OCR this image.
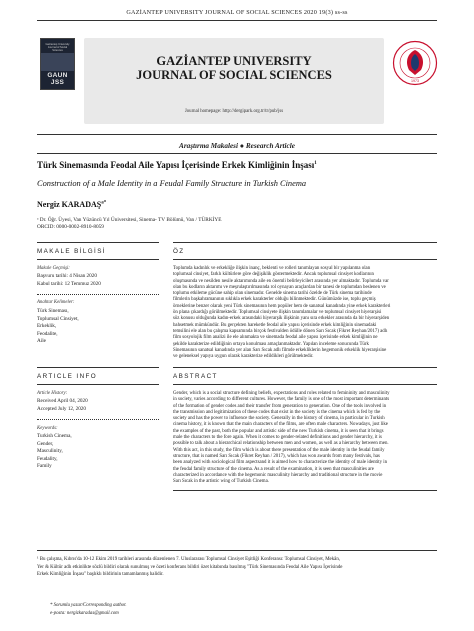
GAZİANTEP UNIVERSITY JOURNAL OF SOCIAL SCIENCES 2020 19(3) ss-ss
Gaziantep University Journal of Social Sciences
GAUN JSS
GAZİANTEP UNIVERSITY
JOURNAL OF SOCIAL SCIENCES
Journal homepage: http://dergipark.org.tr/tr/pub/jss
1973
Araştırma Makalesi ● Research Article
Türk Sinemasında Feodal Aile Yapısı İçerisinde Erkek Kimliğinin İnşası$^1$
Construction of a Male Identity in a Feudal Family Structure in Turkish Cinema
Nergiz $KARADAŞ^{a*}$
ᵃ Dr. Öğr. Üyesi, Van Yüzüncü Yıl Üniversitesi, Sinema- TV Bölümü, Van / TÜRKİYE
ORCID: 0000-0002-8910-8059
MAKALE BİLGİSİ	ÖZ
Makale Geçmişi:
Başvuru tarihi: 4 Nisan 2020
Kabul tarihi: 12 Temmuz 2020
Anahtar Kelimeler:
Türk Sineması,
Toplumsal Cinsiyet,
Erkeklik,
Feodalite,
Aile
Toplumda kadınlık ve erkekliğe ilişkin inanç, beklenti ve rolleri tanımlayan sosyal bir yapılanma olan
toplumsal cinsiyet, farklı kültürlere göre değişiklik göstermektedir. Ancak toplumsal cinsiyet kodlarının
oluşmasında ve nesilden nesile aktarımında aile en önemli belirleyicilert arasında yer almaktadır. Toplumda var
olan bu kodların aktarımı ve meşrulaştırılmasında rol oynayan araçlardan bir tanesi de toplumdan beslenen ve
toplumu etkileme gücüne sahip olan sinemadır. Genelde sinema tarihi özelde de Türk sinema tarihinde
filmlerin başkahramanının sıklıkla erkek karakterler olduğu bilinmektedir. Günümüzde ise, toplu geçmiş
örneklerine benzer olarak yeni Türk sinemasının hem popüler hem de sanatsal kanadında yine erkek karakterleri
ön plana çıkardığı görülmektedir. Toplumsal cinsiyete ilişkin tanımlamalar ve toplumsal cinsiyet hiyerarşisi
söz konusu olduğunda kadın-erkek arasındaki hiyerarşik ilişkinin yanı sıra erkekler arasında da bir hiyerarşiden
bahsetmek mümkündür. Bu gerçekten hareketle feodal aile yapısı içerisinde erkek kimliğinin sinemadaki
temsilini ele alan bu çalışma kapsamında birçok festivalden ödülle dönen Sarı Sıcak (Fikret Reyhan/2017) adlı
film sosyolojik film analizi ile ele alınmakta ve sinemada feodal aile yapısı içerisinde erkek kimliğinin ne
şekilde karakterize edildiğinin ortaya konulması amaçlanmaktadır. Yapılan inceleme sonucunda Türk
Sinemasının sanatsal kanadında yer alan Sarı Sıcak adlı filmde erkekliklerin hegemonik erkeklik hiyerarşisine
ve geleneksel yapıya uygun olarak karakterize edildikleri görülmektedir.
ARTICLE INFO	ABSTRACT
Article History:
Received April 04, 2020
Accepted July 12, 2020
Keywords:
Turkish Cinema,
Gender,
Masculinity,
Feudality,
Family
Gender, which is a social structure defining beliefs, expectations and roles related to femininity and masculinity
in society, varies according to different cultures. However, the family is one of the most important determinants
of the formation of gender codes and their transfer from generation to generation. One of the tools involved in
the transmission and legitimization of these codes that exist in the society is the cinema which is fed by the
society and has the power to influence the society. Generally in the history of cinema, in particular in Turkish
cinema history, it is known that the main characters of the films, are often male characters. Nowadays, just like
the examples of the past, both the popular and artistic side of the new Turkish cinema, it is seen that it brings
male the characters to the fore again. When it comes to gender-related definitions and gender hierarchy, it is
possible to talk about a hierarchical relationship between men and women, as well as a hierarchy between men.
With this act, in this study, the film which is about there presentation of the male identity in the feudal family
structure, that is named Sarı Sıcak (Fikret Reyhan / 2017), which has won awards from many festivals, has
been analyzed with sociological film aspectsand it is aimed how to characterize the identity of male identity in
the feudal family structure of the cinema. As a result of the examination, it is seen that masculinities are
characterized in accordance with the hegemonic masculinity hierarchy and traditional structure in the movie
Sarı Sıcak in the artistic wing of Turkish Cinema.
¹ Bu çalışma, Kıbrıs'da 10-12 Ekim 2019 tarihleri arasında düzenlenen 7. Uluslararası Toplumsal Cinsiyet Eşitliği Konferansı: Toplumsal Cinsiyet, Mekân,
Yer & Kültür adlı etkinlikte sözlü bildiri olarak sunulmuş ve özeti konferans bildiri özet kitabında basılmış "Türk Sinemasında Feodal Aile Yapısı İçerisinde
Erkek Kimliğinin İnşası" başlıklı bildirinin tamamlanmış halidir.
* Sorumlu yazar/Corresponding author.
e-posta: nergizkaradas@gmail.com
